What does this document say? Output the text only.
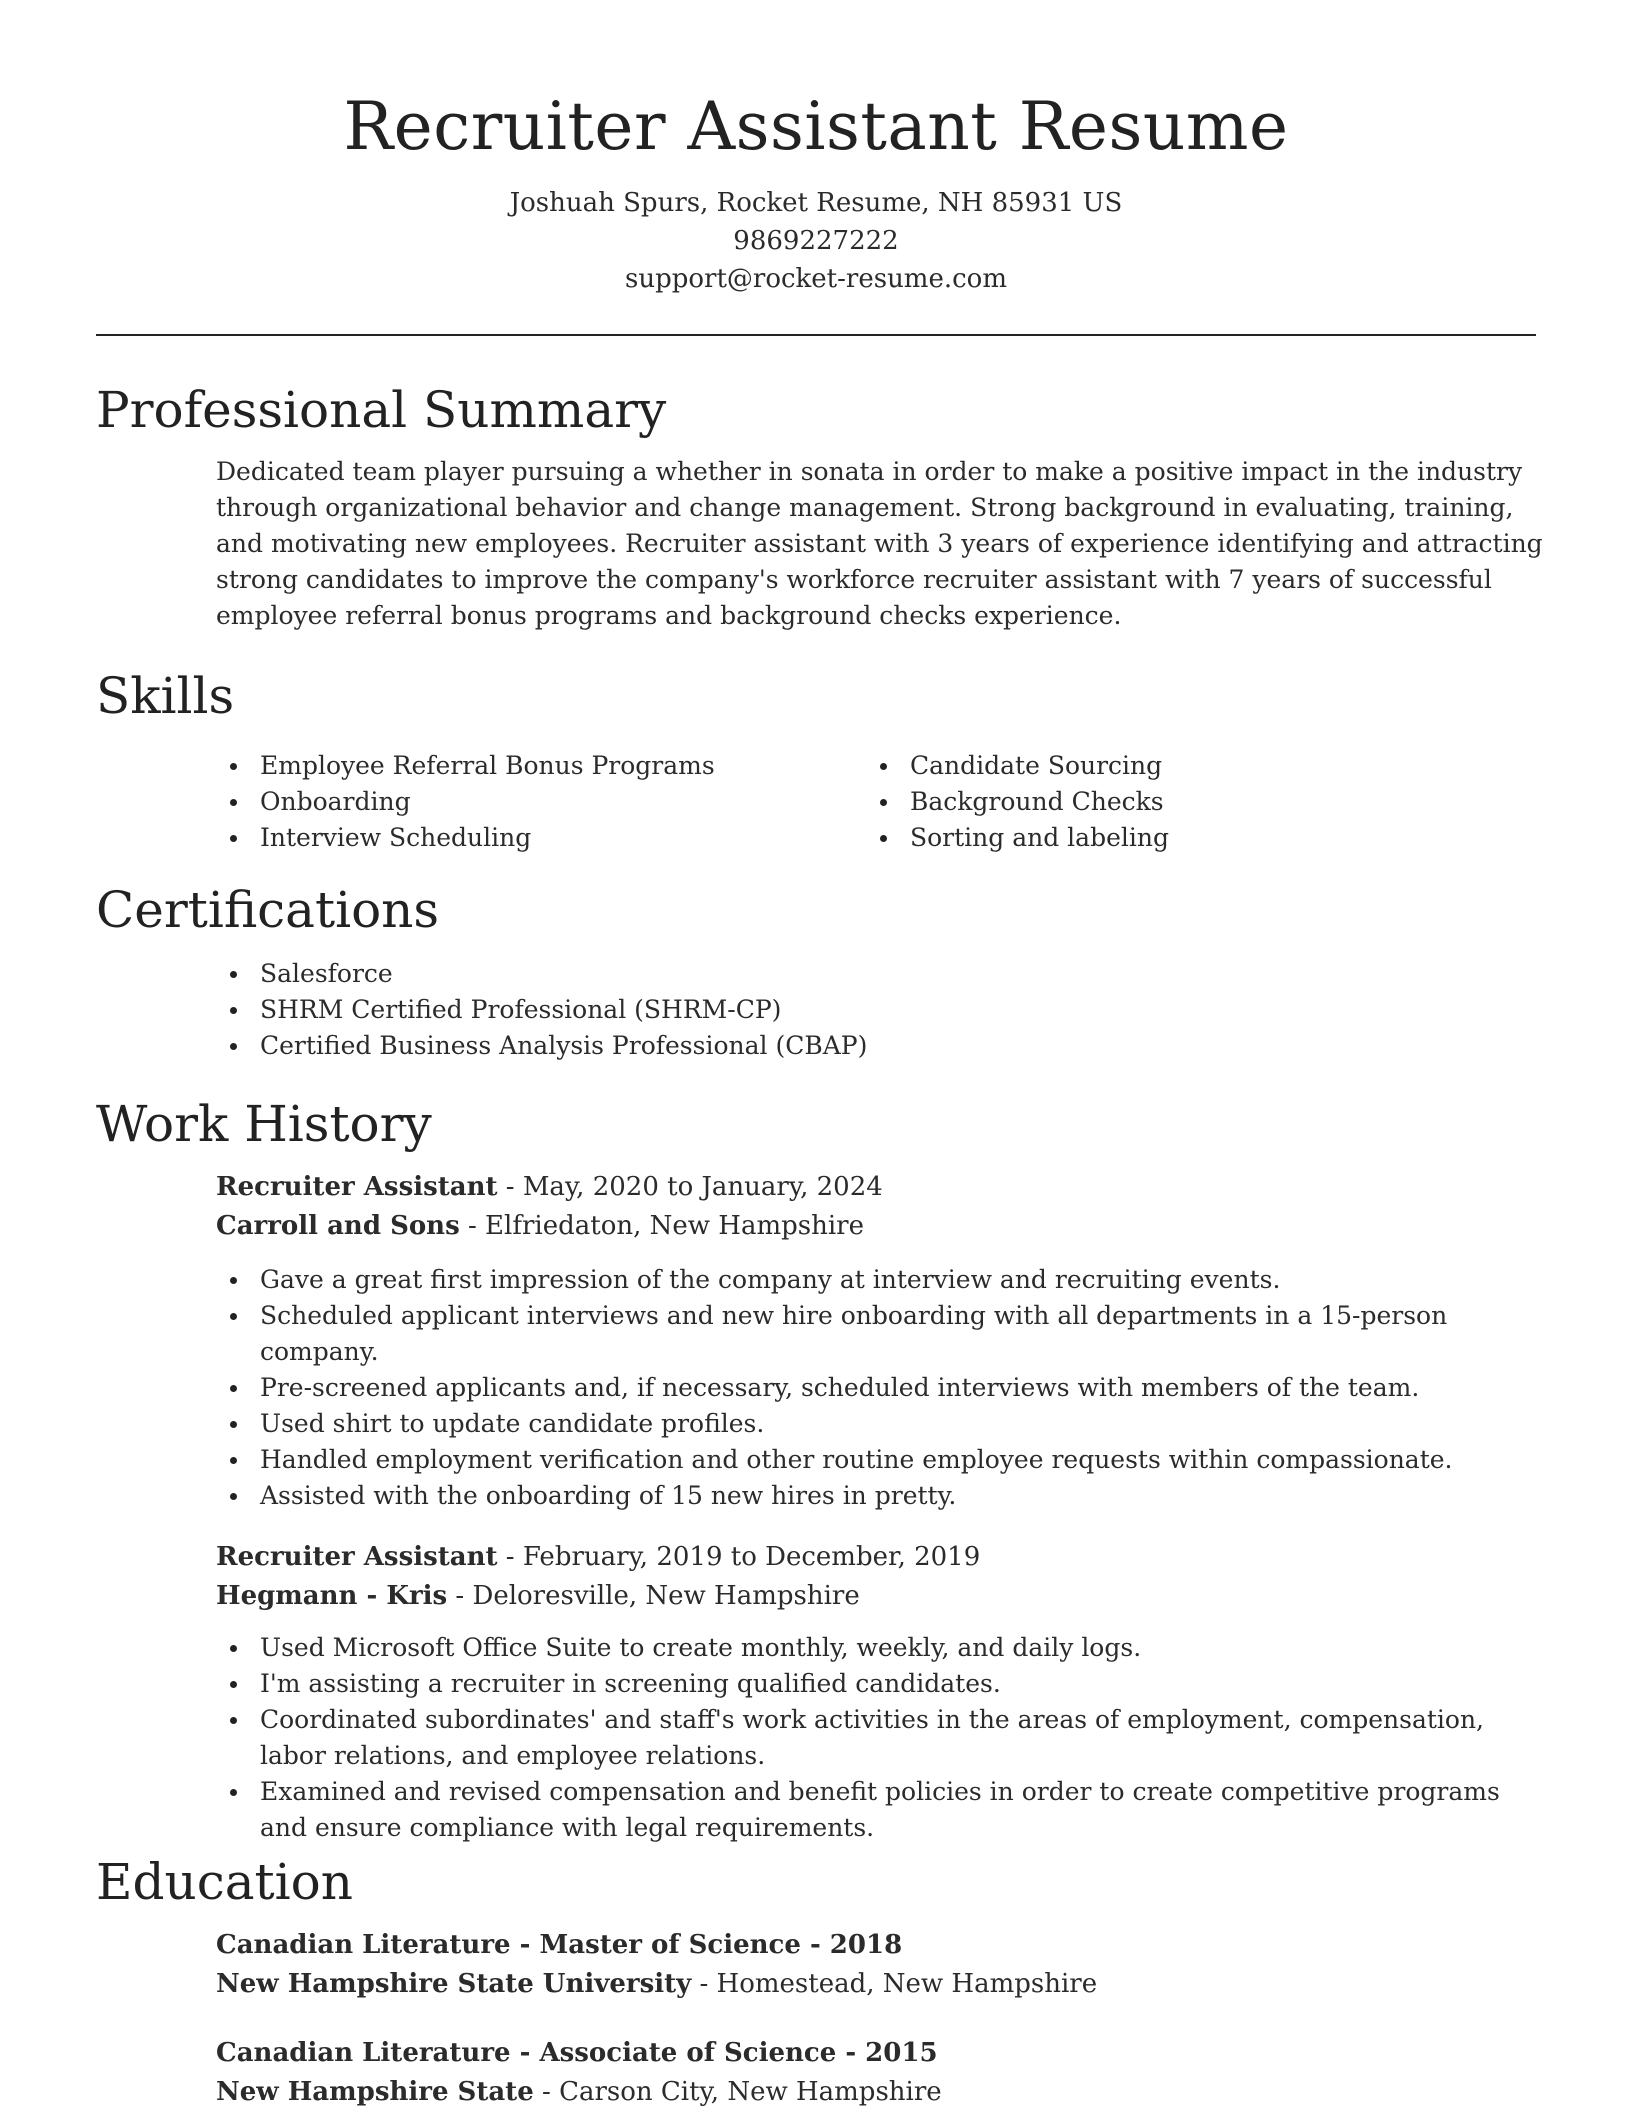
Recruiter Assistant Resume
Joshuah Spurs, Rocket Resume, NH 85931 US
9869227222
support@rocket-resume.com
Professional Summary
Dedicated team player pursuing a whether in sonata in order to make a positive impact in the industry through organizational behavior and change management. Strong background in evaluating, training, and motivating new employees. Recruiter assistant with 3 years of experience identifying and attracting strong candidates to improve the company's workforce recruiter assistant with 7 years of successful employee referral bonus programs and background checks experience.
Skills
Employee Referral Bonus Programs
Onboarding
Interview Scheduling
Candidate Sourcing
Background Checks
Sorting and labeling
Certifications
Salesforce
SHRM Certified Professional (SHRM-CP)
Certified Business Analysis Professional (CBAP)
Work History
Recruiter Assistant - May, 2020 to January, 2024
Carroll and Sons - Elfriedaton, New Hampshire
Gave a great first impression of the company at interview and recruiting events.
Scheduled applicant interviews and new hire onboarding with all departments in a 15-person company.
Pre-screened applicants and, if necessary, scheduled interviews with members of the team.
Used shirt to update candidate profiles.
Handled employment verification and other routine employee requests within compassionate.
Assisted with the onboarding of 15 new hires in pretty.
Recruiter Assistant - February, 2019 to December, 2019
Hegmann - Kris - Deloresville, New Hampshire
Used Microsoft Office Suite to create monthly, weekly, and daily logs.
I'm assisting a recruiter in screening qualified candidates.
Coordinated subordinates' and staff's work activities in the areas of employment, compensation, labor relations, and employee relations.
Examined and revised compensation and benefit policies in order to create competitive programs and ensure compliance with legal requirements.
Education
Canadian Literature - Master of Science - 2018
New Hampshire State University - Homestead, New Hampshire
Canadian Literature - Associate of Science - 2015
New Hampshire State - Carson City, New Hampshire
